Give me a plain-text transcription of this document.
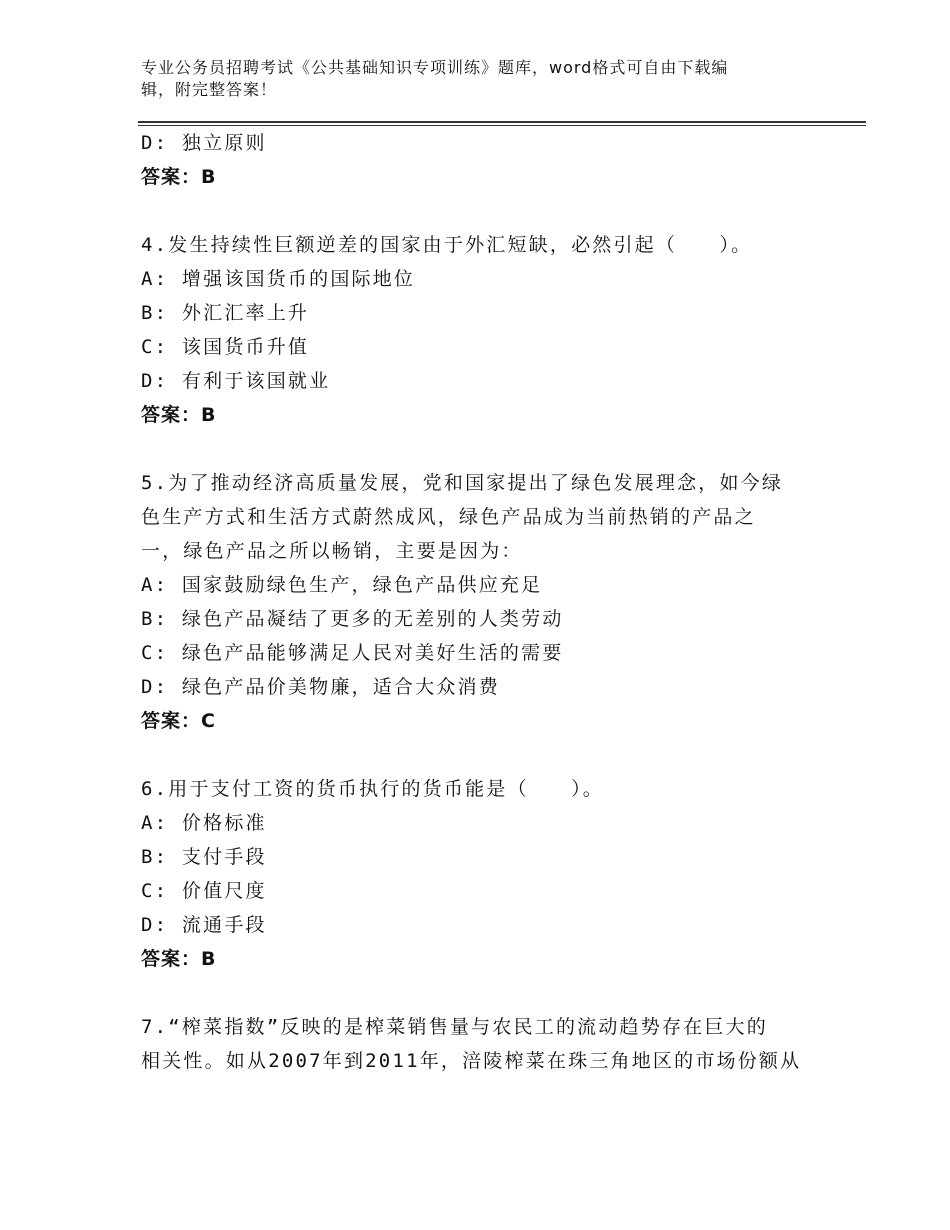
专业公务员招聘考试《公共基础知识专项训练》题库，word格式可自由下载编
辑，附完整答案！
D: 独立原则
答案：B
4.发生持续性巨额逆差的国家由于外汇短缺，必然引起（　　）。
A: 增强该国货币的国际地位
B: 外汇汇率上升
C: 该国货币升值
D: 有利于该国就业
答案：B
5.为了推动经济高质量发展，党和国家提出了绿色发展理念，如今绿
色生产方式和生活方式蔚然成风，绿色产品成为当前热销的产品之
一，绿色产品之所以畅销，主要是因为：
A: 国家鼓励绿色生产，绿色产品供应充足
B: 绿色产品凝结了更多的无差别的人类劳动
C: 绿色产品能够满足人民对美好生活的需要
D: 绿色产品价美物廉，适合大众消费
答案：C
6.用于支付工资的货币执行的货币能是（　　）。
A: 价格标准
B: 支付手段
C: 价值尺度
D: 流通手段
答案：B
7.“榨菜指数”反映的是榨菜销售量与农民工的流动趋势存在巨大的
相关性。如从2007年到2011年，涪陵榨菜在珠三角地区的市场份额从
